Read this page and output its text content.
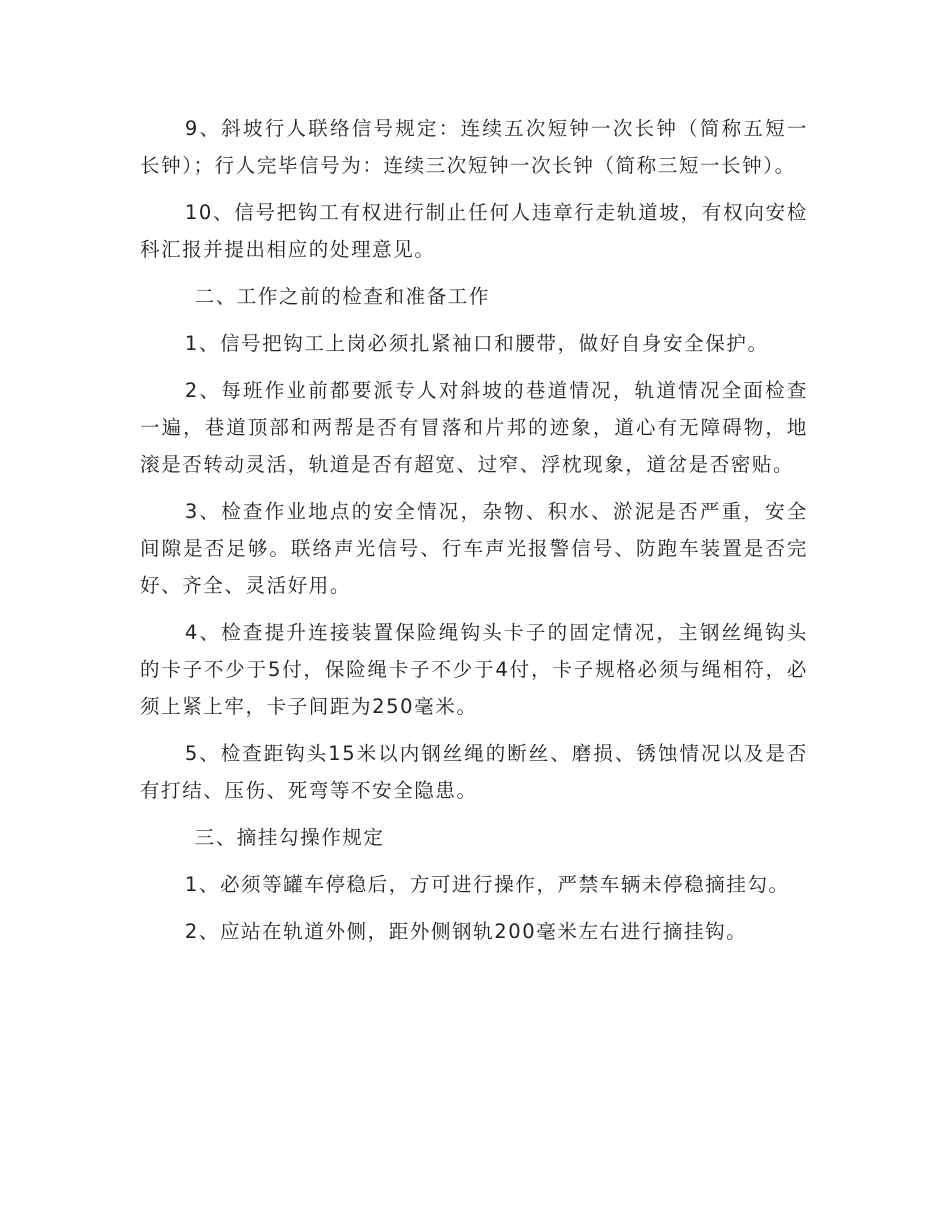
9、斜坡行人联络信号规定：连续五次短钟一次长钟（简称五短一长钟）；行人完毕信号为：连续三次短钟一次长钟（简称三短一长钟）。

10、信号把钩工有权进行制止任何人违章行走轨道坡，有权向安检科汇报并提出相应的处理意见。

二、工作之前的检查和准备工作

1、信号把钩工上岗必须扎紧袖口和腰带，做好自身安全保护。

2、每班作业前都要派专人对斜坡的巷道情况，轨道情况全面检查一遍，巷道顶部和两帮是否有冒落和片邦的迹象，道心有无障碍物，地滚是否转动灵活，轨道是否有超宽、过窄、浮枕现象，道岔是否密贴。

3、检查作业地点的安全情况，杂物、积水、淤泥是否严重，安全间隙是否足够。联络声光信号、行车声光报警信号、防跑车装置是否完好、齐全、灵活好用。

4、检查提升连接装置保险绳钩头卡子的固定情况，主钢丝绳钩头的卡子不少于5付，保险绳卡子不少于4付，卡子规格必须与绳相符，必须上紧上牢，卡子间距为250毫米。

5、检查距钩头15米以内钢丝绳的断丝、磨损、锈蚀情况以及是否有打结、压伤、死弯等不安全隐患。

三、摘挂勾操作规定

1、必须等罐车停稳后，方可进行操作，严禁车辆未停稳摘挂勾。

2、应站在轨道外侧，距外侧钢轨200毫米左右进行摘挂钩。
